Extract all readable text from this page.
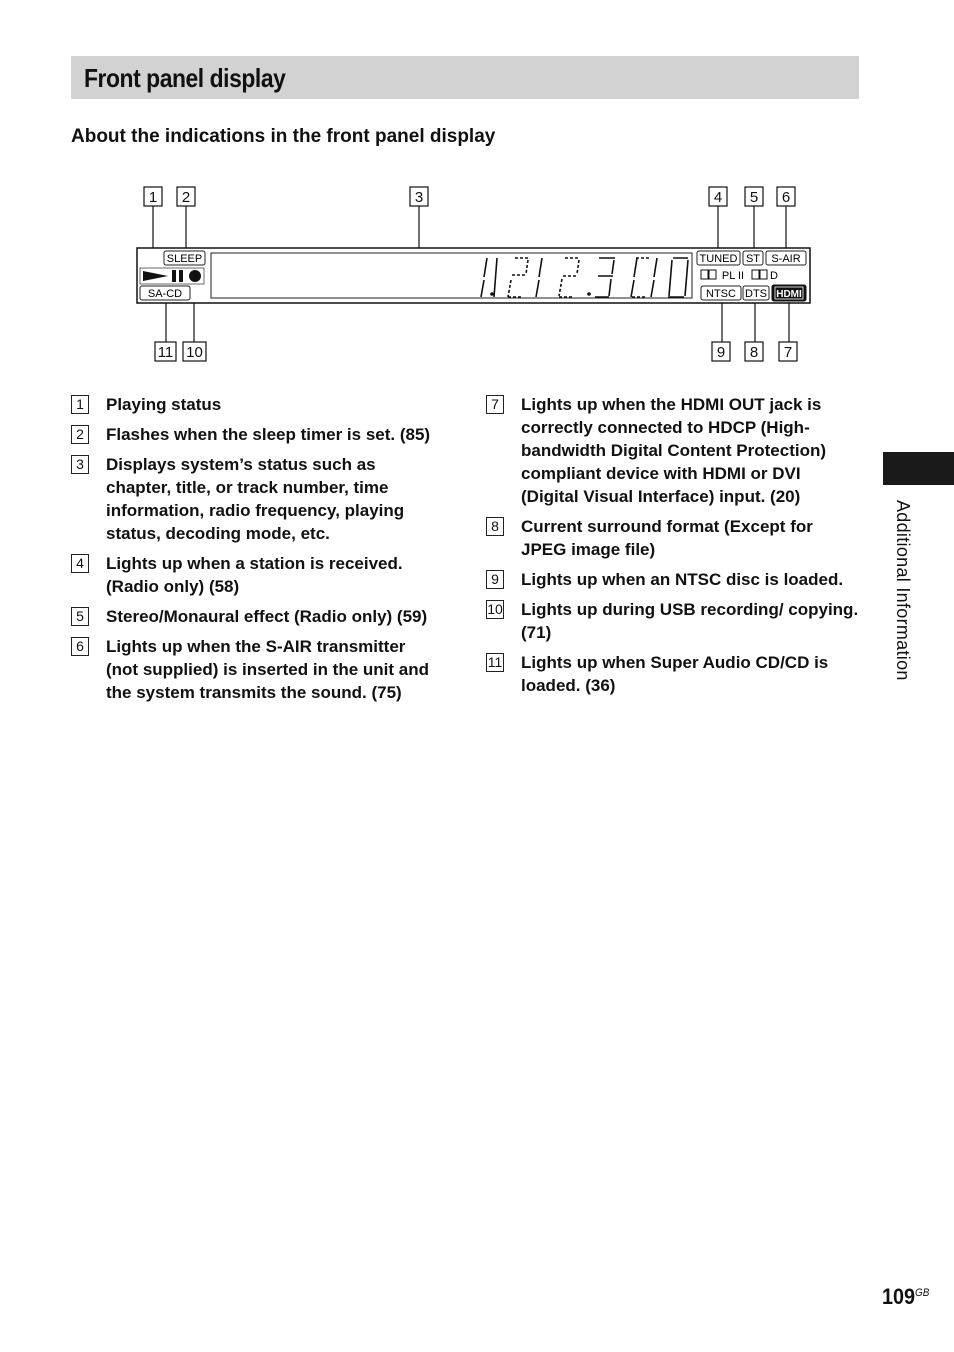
Front panel display
About the indications in the front panel display
1 2	3	4 5 6
11 10	9 8 7
SLEEP
SA-CD
TUNED ST S-AIR
PL II D
NTSC DTS HDMI
1	Playing status
2	Flashes when the sleep timer is set. (85)
3	Displays system’s status such as chapter, title, or track number, time information, radio frequency, playing status, decoding mode, etc.
4	Lights up when a station is received. (Radio only) (58)
5	Stereo/Monaural effect (Radio only) (59)
6	Lights up when the S-AIR transmitter (not supplied) is inserted in the unit and the system transmits the sound. (75)
7	Lights up when the HDMI OUT jack is correctly connected to HDCP (High-bandwidth Digital Content Protection) compliant device with HDMI or DVI (Digital Visual Interface) input. (20)
8	Current surround format (Except for JPEG image file)
9	Lights up when an NTSC disc is loaded.
10 Lights up during USB recording/ copying. (71)
11 Lights up when Super Audio CD/CD is loaded. (36)
Additional Information
$109^{GB}$
